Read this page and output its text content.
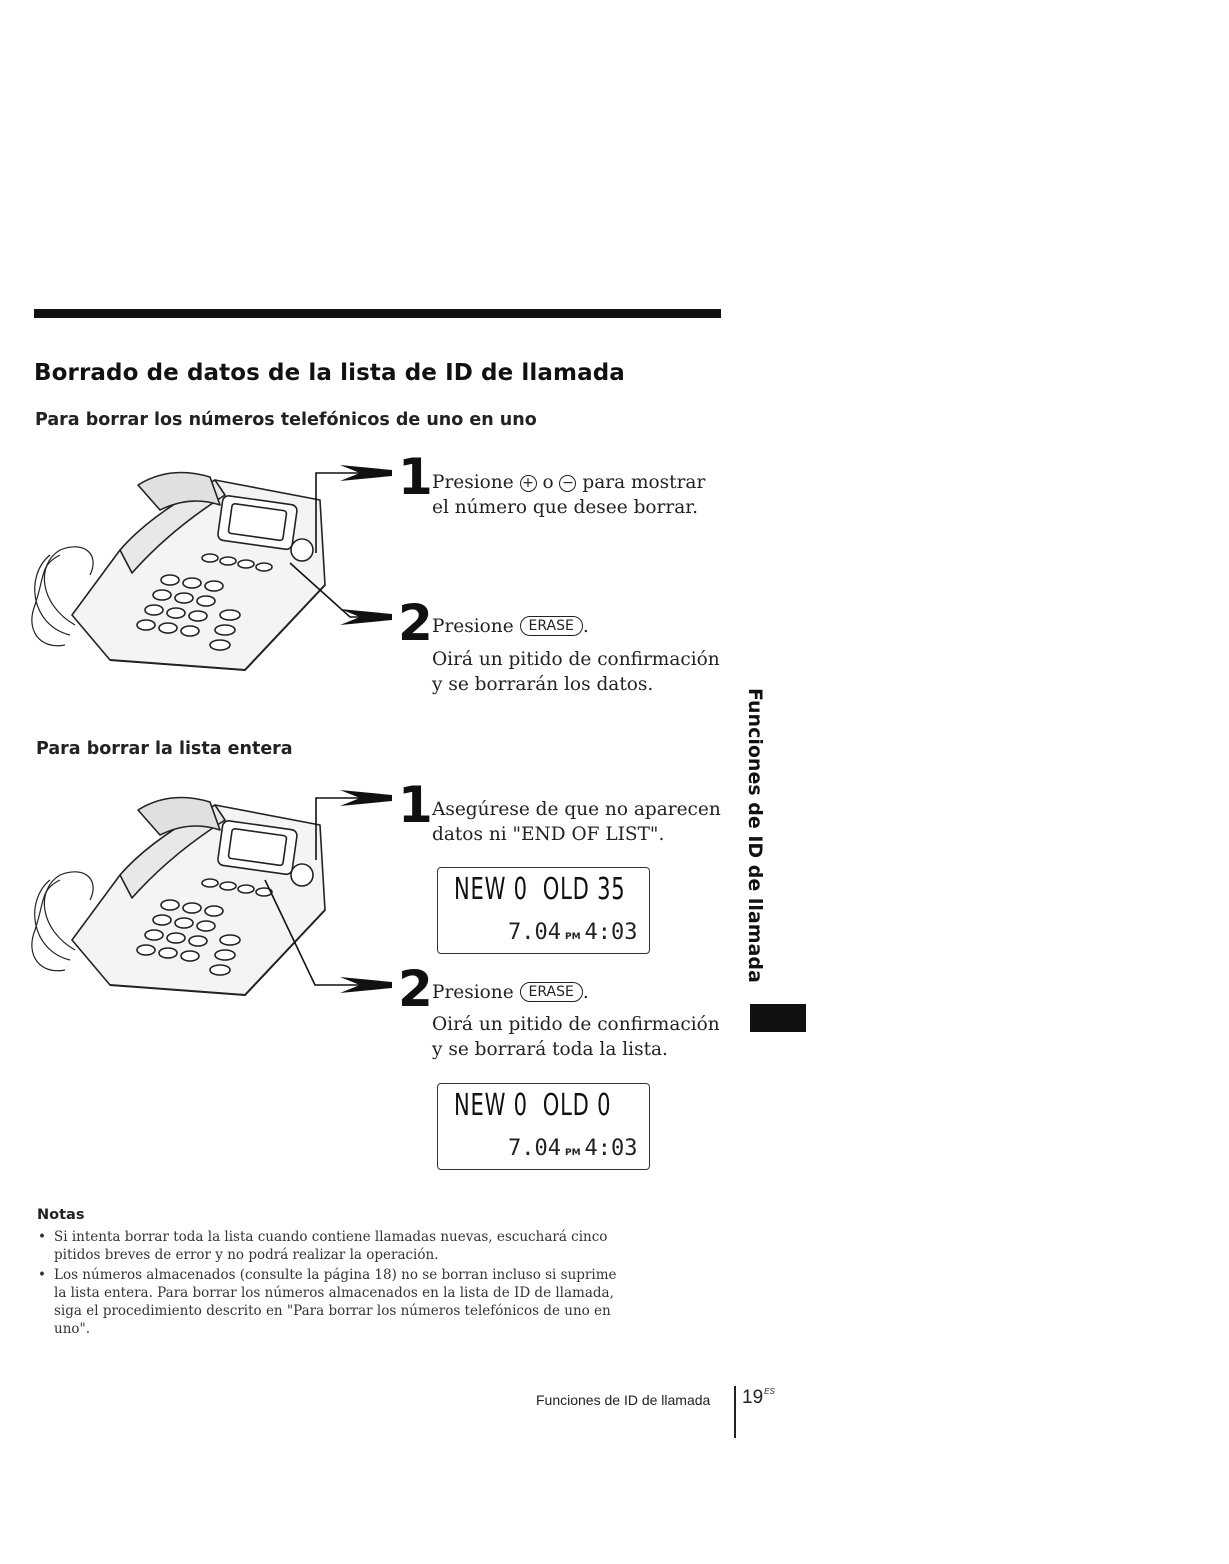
Borrado de datos de la lista de ID de llamada
Para borrar los números telefónicos de uno en uno
1 Presione + o − para mostrar
el número que desee borrar.
2 Presione ERASE .
Oirá un pitido de confirmación
y se borrarán los datos.
Para borrar la lista entera
1 Asegúrese de que no aparecen
datos ni "END OF LIST".
NEW 0  OLD 35
7.04 PM 4:03
2 Presione ERASE .
Oirá un pitido de confirmación
y se borrará toda la lista.
NEW 0  OLD 0
7.04 PM 4:03
Funciones de ID de llamada
Notas
• Si intenta borrar toda la lista cuando contiene llamadas nuevas, escuchará cinco pitidos breves de error y no podrá realizar la operación.
• Los números almacenados (consulte la página 18) no se borran incluso si suprime la lista entera. Para borrar los números almacenados en la lista de ID de llamada, siga el procedimiento descrito en "Para borrar los números telefónicos de uno en uno".
Funciones de ID de llamada $19^{ES}$
